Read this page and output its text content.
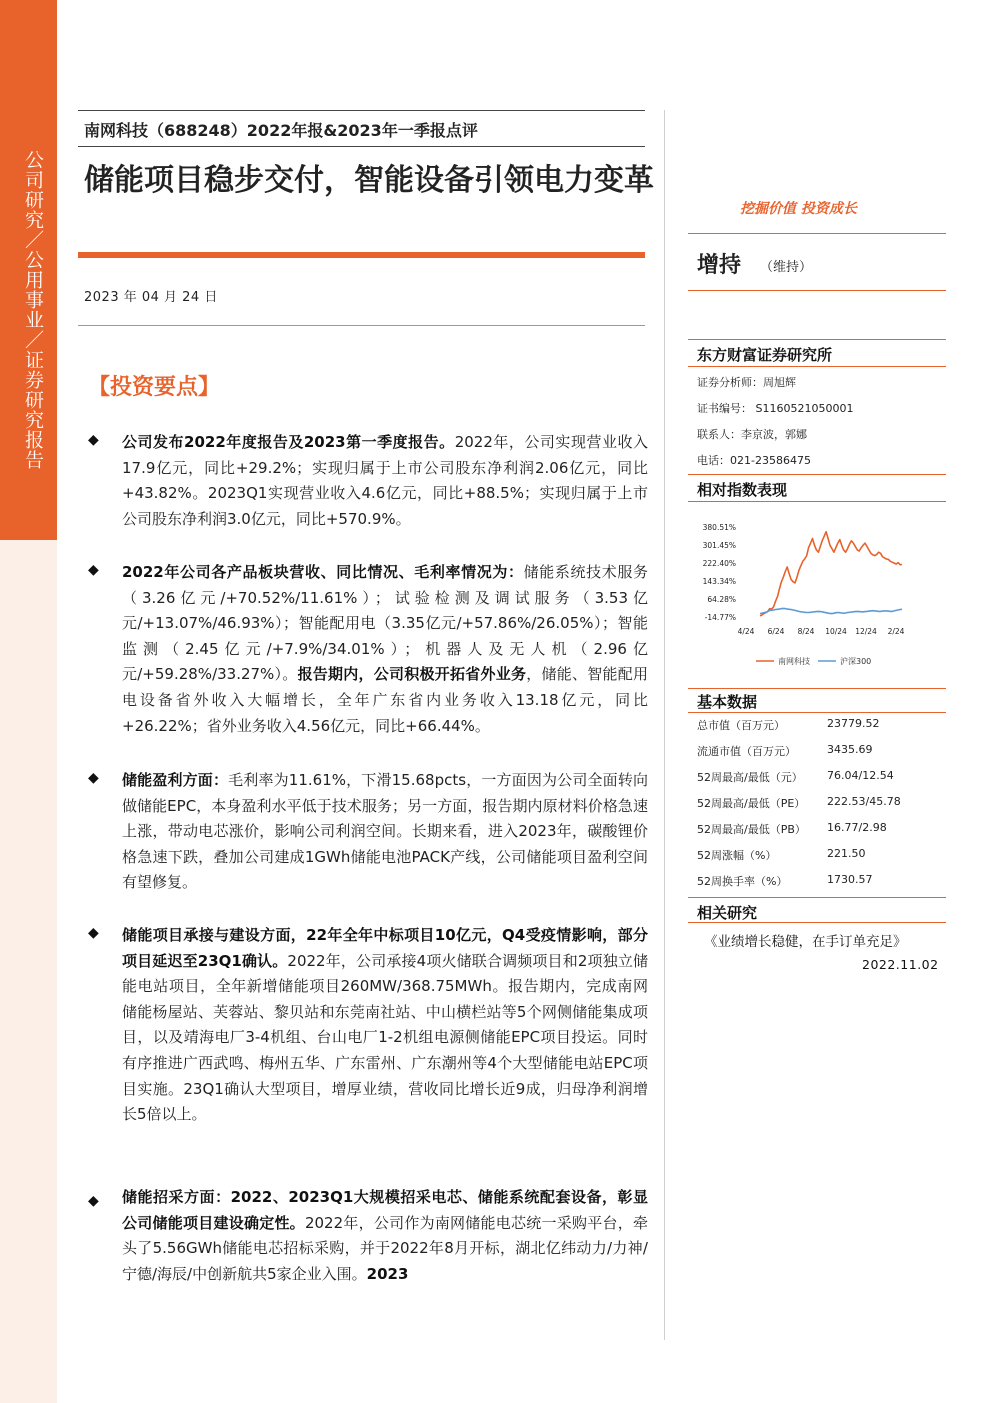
公司研究／公用事业／证券研究报告
南网科技（688248）2022年报&2023年一季报点评
储能项目稳步交付，智能设备引领电力变革
2023 年 04 月 24 日
【投资要点】
◆ 公司发布2022年度报告及2023第一季度报告。2022年，公司实现营业收入17.9亿元，同比+29.2%；实现归属于上市公司股东净利润2.06亿元，同比+43.82%。2023Q1实现营业收入4.6亿元，同比+88.5%；实现归属于上市公司股东净利润3.0亿元，同比+570.9%。
◆ 2022年公司各产品板块营收、同比情况、毛利率情况为：储能系统技术服务（3.26亿元/+70.52%/11.61%）；试验检测及调试服务（3.53亿元/+13.07%/46.93%）；智能配用电（3.35亿元/+57.86%/26.05%）；智能监测（2.45亿元/+7.9%/34.01%）；机器人及无人机（2.96亿元/+59.28%/33.27%）。报告期内，公司积极开拓省外业务，储能、智能配用电设备省外收入大幅增长，全年广东省内业务收入13.18亿元，同比+26.22%；省外业务收入4.56亿元，同比+66.44%。
◆ 储能盈利方面：毛利率为11.61%，下滑15.68pcts，一方面因为公司全面转向做储能EPC，本身盈利水平低于技术服务；另一方面，报告期内原材料价格急速上涨，带动电芯涨价，影响公司利润空间。长期来看，进入2023年，碳酸锂价格急速下跌，叠加公司建成1GWh储能电池PACK产线，公司储能项目盈利空间有望修复。
◆ 储能项目承接与建设方面，22年全年中标项目10亿元，Q4受疫情影响，部分项目延迟至23Q1确认。2022年，公司承接4项火储联合调频项目和2项独立储能电站项目，全年新增储能项目260MW/368.75MWh。报告期内，完成南网储能杨屋站、芙蓉站、黎贝站和东莞南社站、中山横栏站等5个网侧储能集成项目，以及靖海电厂3-4机组、台山电厂1-2机组电源侧储能EPC项目投运。同时有序推进广西武鸣、梅州五华、广东雷州、广东潮州等4个大型储能电站EPC项目实施。23Q1确认大型项目，增厚业绩，营收同比增长近9成，归母净利润增长5倍以上。
◆ 储能招采方面：2022、2023Q1大规模招采电芯、储能系统配套设备，彰显公司储能项目建设确定性。2022年，公司作为南网储能电芯统一采购平台，牵头了5.56GWh储能电芯招标采购，并于2022年8月开标，湖北亿纬动力/力神/宁德/海辰/中创新航共5家企业入围。2023
挖掘价值 投资成长
增持 （维持）
东方财富证券研究所
证券分析师：周旭辉
证书编号： S1160521050001
联系人：李京波，郭娜
电话：021-23586475
相对指数表现
380.51%
301.45%
222.40%
143.34%
64.28%
-14.77%
4/24 6/24 8/24 10/24 12/24 2/24
南网科技	沪深300
基本数据
总市值（百万元）	23779.52
流通市值（百万元）	3435.69
52周最高/最低（元） 76.04/12.54
52周最高/最低（PE） 222.53/45.78
52周最高/最低（PB） 16.77/2.98
52周涨幅（%）	221.50
52周换手率（%）	1730.57
相关研究
《业绩增长稳健，在手订单充足》
2022.11.02
